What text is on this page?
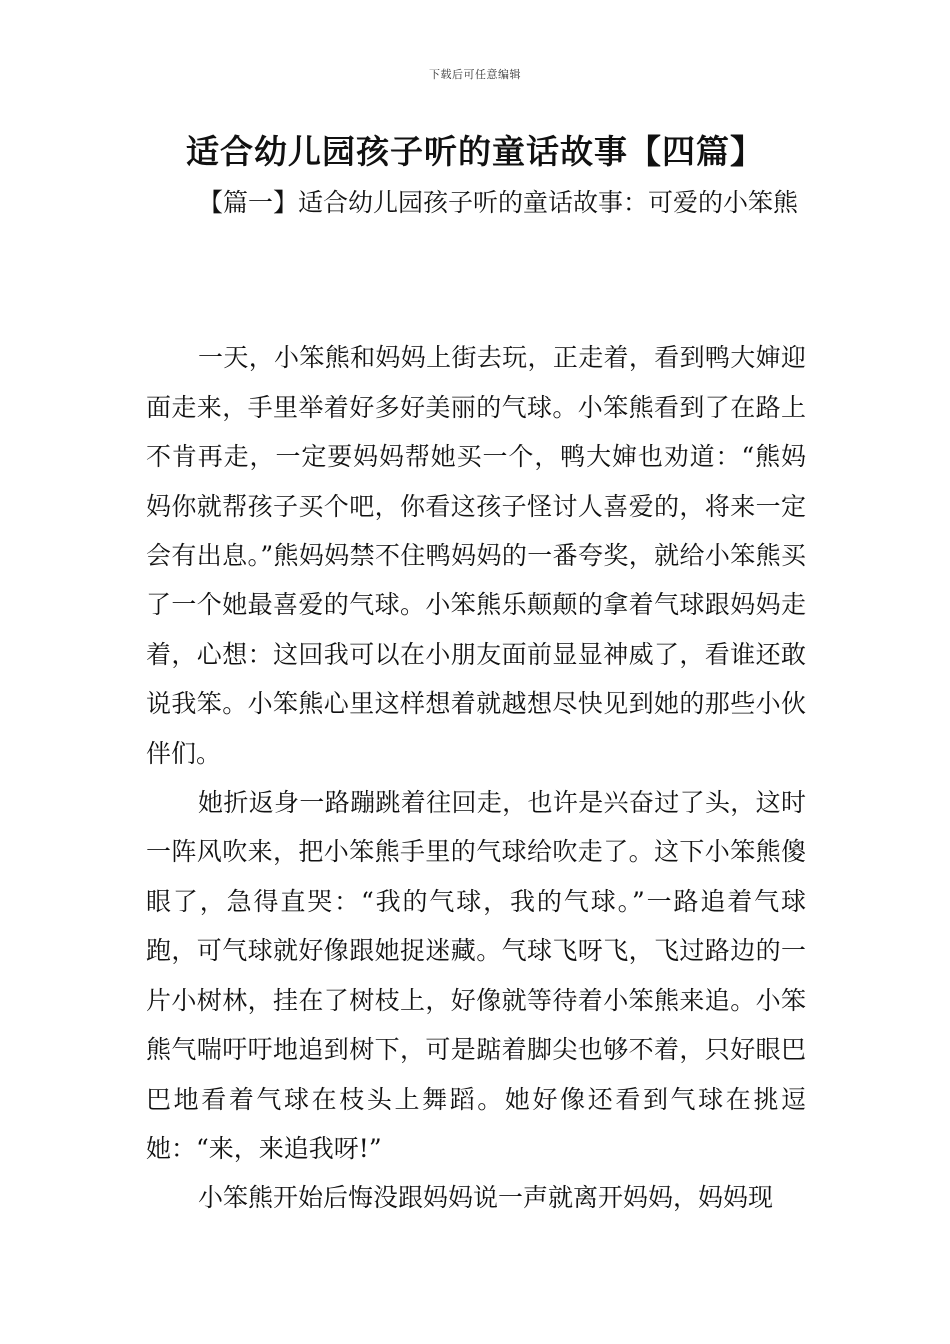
下载后可任意编辑
适合幼儿园孩子听的童话故事【四篇】
【篇一】适合幼儿园孩子听的童话故事：可爱的小笨熊

一天，小笨熊和妈妈上街去玩，正走着，看到鸭大婶迎面走来，手里举着好多好美丽的气球。小笨熊看到了在路上不肯再走，一定要妈妈帮她买一个，鸭大婶也劝道：“熊妈妈你就帮孩子买个吧，你看这孩子怪讨人喜爱的，将来一定会有出息。”熊妈妈禁不住鸭妈妈的一番夸奖，就给小笨熊买了一个她最喜爱的气球。小笨熊乐颠颠的拿着气球跟妈妈走着，心想：这回我可以在小朋友面前显显神威了，看谁还敢说我笨。小笨熊心里这样想着就越想尽快见到她的那些小伙伴们。

她折返身一路蹦跳着往回走，也许是兴奋过了头，这时一阵风吹来，把小笨熊手里的气球给吹走了。这下小笨熊傻眼了，急得直哭：“我的气球，我的气球。”一路追着气球跑，可气球就好像跟她捉迷藏。气球飞呀飞，飞过路边的一片小树林，挂在了树枝上，好像就等待着小笨熊来追。小笨熊气喘吁吁地追到树下，可是踮着脚尖也够不着，只好眼巴巴地看着气球在枝头上舞蹈。她好像还看到气球在挑逗她：“来，来追我呀!”

小笨熊开始后悔没跟妈妈说一声就离开妈妈，妈妈现
